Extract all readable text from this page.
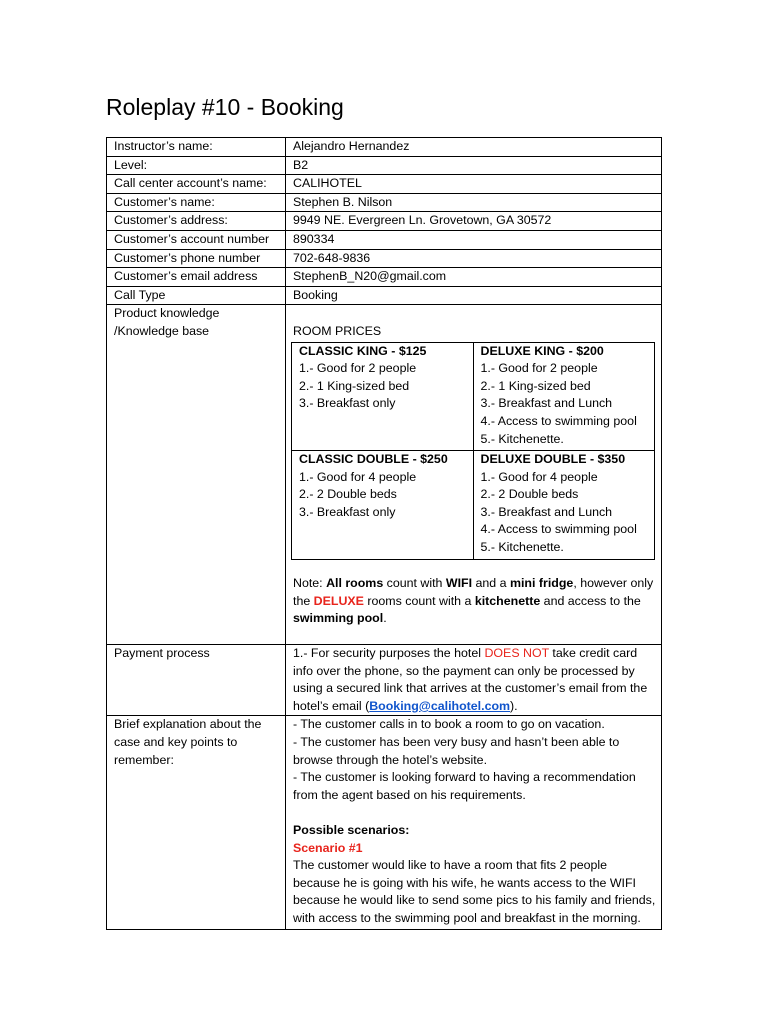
Roleplay #10 - Booking
Instructor’s name:	Alejandro Hernandez
Level:	B2
Call center account’s name:	CALIHOTEL
Customer’s name:	Stephen B. Nilson
Customer’s address:	9949 NE. Evergreen Ln. Grovetown, GA 30572
Customer’s account number	890334
Customer’s phone number	702-648-9836
Customer’s email address	StephenB_N20@gmail.com
Call Type	Booking

Product knowledge
/Knowledge base	ROOM PRICES
CLASSIC KING - $125
1.- Good for 2 people
2.- 1 King-sized bed
3.- Breakfast only

DELUXE KING - $200
1.- Good for 2 people
2.- 1 King-sized bed
3.- Breakfast and Lunch
4.- Access to swimming pool
5.- Kitchenette.

CLASSIC DOUBLE - $250
1.- Good for 4 people
2.- 2 Double beds
3.- Breakfast only

DELUXE DOUBLE - $350
1.- Good for 4 people
2.- 2 Double beds
3.- Breakfast and Lunch
4.- Access to swimming pool
5.- Kitchenette.
Note: All rooms count with WIFI and a mini fridge, however only the DELUXE rooms count with a kitchenette and access to the swimming pool.

Payment process	1.- For security purposes the hotel DOES NOT take credit card info over the phone, so the payment can only be processed by using a secured link that arrives at the customer’s email from the hotel’s email (Booking@calihotel.com).
Brief explanation about the case and key points to remember:	
- The customer calls in to book a room to go on vacation.
- The customer has been very busy and hasn’t been able to browse through the hotel’s website.
- The customer is looking forward to having a recommendation from the agent based on his requirements.
Possible scenarios:
Scenario #1
The customer would like to have a room that fits 2 people because he is going with his wife, he wants access to the WIFI because he would like to send some pics to his family and friends, with access to the swimming pool and breakfast in the morning.
